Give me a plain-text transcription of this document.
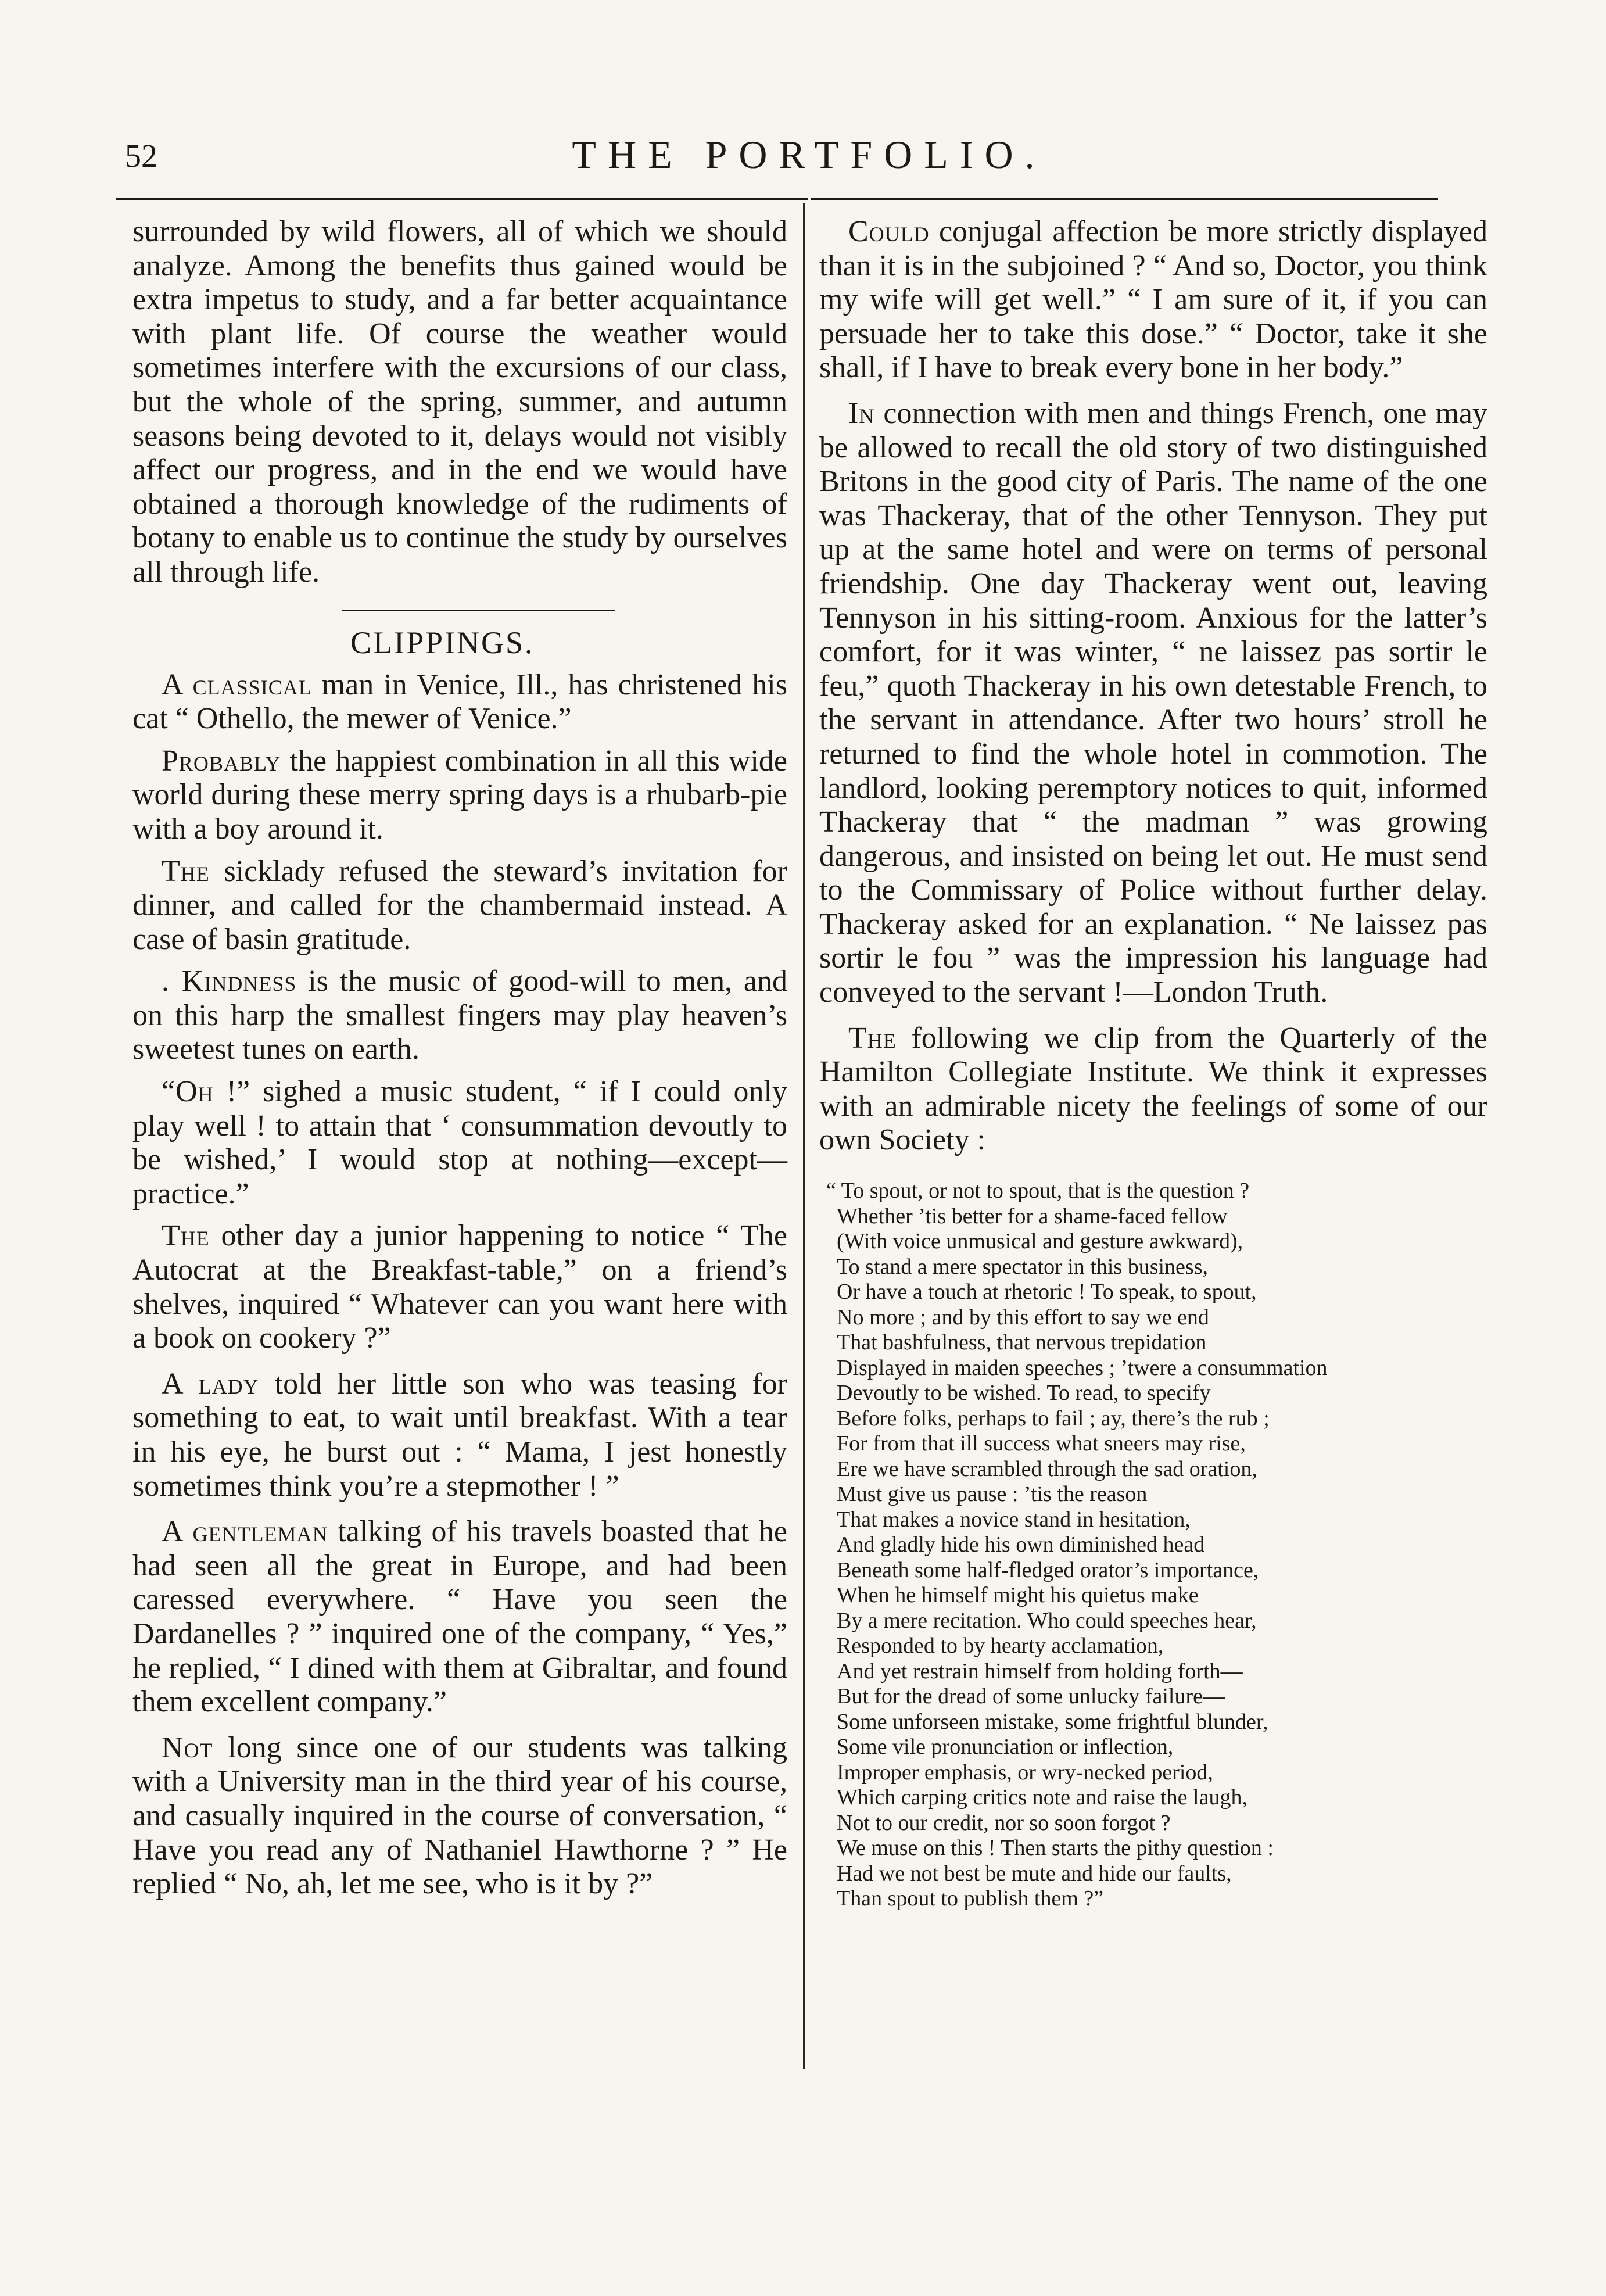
52	THE PORTFOLIO.

surrounded by wild flowers, all of which we should analyze. Among the benefits thus gained would be extra impetus to study, and a far better acquaintance with plant life. Of course the weather would sometimes interfere with the excursions of our class, but the whole of the spring, summer, and autumn seasons being devoted to it, delays would not visibly affect our progress, and in the end we would have obtained a thorough knowledge of the rudiments of botany to enable us to continue the study by ourselves all through life.

CLIPPINGS.

A classical man in Venice, Ill., has christened his cat “ Othello, the mewer of Venice.”

Probably the happiest combination in all this wide world during these merry spring days is a rhubarb-pie with a boy around it.

The sicklady refused the steward’s invitation for dinner, and called for the chambermaid instead. A case of basin gratitude.

. Kindness is the music of good-will to men, and on this harp the smallest fingers may play heaven’s sweetest tunes on earth.

“Oh !” sighed a music student, “ if I could only play well ! to attain that ‘ consummation devoutly to be wished,’ I would stop at nothing—except—practice.”

The other day a junior happening to notice “ The Autocrat at the Breakfast-table,” on a friend’s shelves, inquired “ Whatever can you want here with a book on cookery ?”

A lady told her little son who was teasing for something to eat, to wait until breakfast. With a tear in his eye, he burst out : “ Mama, I jest honestly sometimes think you’re a stepmother ! ”

A gentleman talking of his travels boasted that he had seen all the great in Europe, and had been caressed everywhere. “ Have you seen the Dardanelles ? ” inquired one of the company, “ Yes,” he replied, “ I dined with them at Gibraltar, and found them excellent company.”

Not long since one of our students was talking with a University man in the third year of his course, and casually inquired in the course of conversation, “ Have you read any of Nathaniel Hawthorne ? ” He replied “ No, ah, let me see, who is it by ?”

Could conjugal affection be more strictly displayed than it is in the subjoined ? “ And so, Doctor, you think my wife will get well.” “ I am sure of it, if you can persuade her to take this dose.” “ Doctor, take it she shall, if I have to break every bone in her body.”

In connection with men and things French, one may be allowed to recall the old story of two distinguished Britons in the good city of Paris. The name of the one was Thackeray, that of the other Tennyson. They put up at the same hotel and were on terms of personal friendship. One day Thackeray went out, leaving Tennyson in his sitting-room. Anxious for the latter’s comfort, for it was winter, “ ne laissez pas sortir le feu,” quoth Thackeray in his own detestable French, to the servant in attendance. After two hours’ stroll he returned to find the whole hotel in commotion. The landlord, looking peremptory notices to quit, informed Thackeray that “ the madman ” was growing dangerous, and insisted on being let out. He must send to the Commissary of Police without further delay. Thackeray asked for an explanation. “ Ne laissez pas sortir le fou ” was the impression his language had conveyed to the servant !—London Truth.

The following we clip from the Quarterly of the Hamilton Collegiate Institute. We think it expresses with an admirable nicety the feelings of some of our own Society :

“ To spout, or not to spout, that is the question ?
Whether ’tis better for a shame-faced fellow
(With voice unmusical and gesture awkward),
To stand a mere spectator in this business,
Or have a touch at rhetoric ! To speak, to spout,
No more ; and by this effort to say we end
That bashfulness, that nervous trepidation
Displayed in maiden speeches ; ’twere a consummation
Devoutly to be wished. To read, to specify
Before folks, perhaps to fail ; ay, there’s the rub ;
For from that ill success what sneers may rise,
Ere we have scrambled through the sad oration,
Must give us pause : ’tis the reason
That makes a novice stand in hesitation,
And gladly hide his own diminished head
Beneath some half-fledged orator’s importance,
When he himself might his quietus make
By a mere recitation. Who could speeches hear,
Responded to by hearty acclamation,
And yet restrain himself from holding forth—
But for the dread of some unlucky failure—
Some unforseen mistake, some frightful blunder,
Some vile pronunciation or inflection,
Improper emphasis, or wry-necked period,
Which carping critics note and raise the laugh,
Not to our credit, nor so soon forgot ?
We muse on this ! Then starts the pithy question :
Had we not best be mute and hide our faults,
Than spout to publish them ?”
